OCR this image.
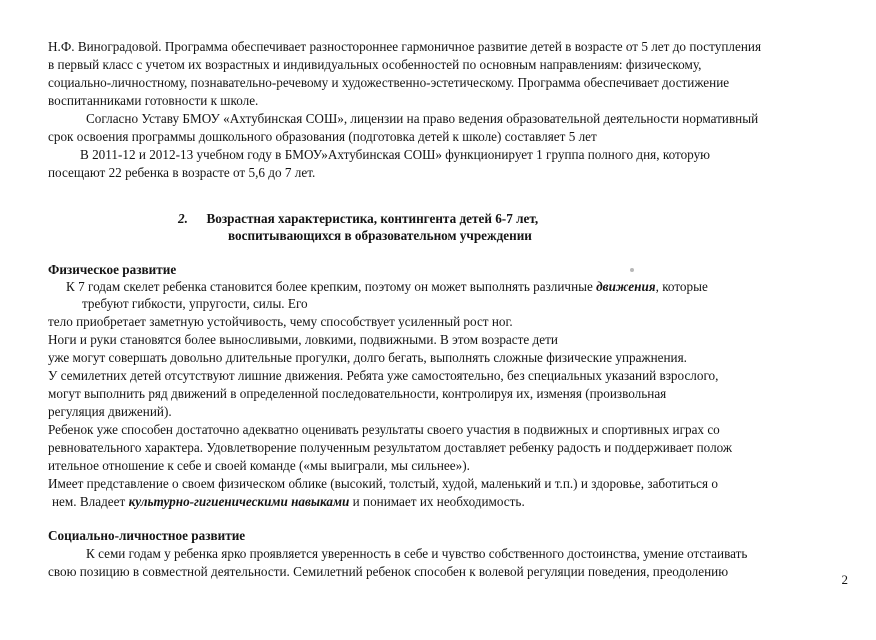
Н.Ф. Виноградовой. Программа обеспечивает разностороннее гармоничное развитие детей в возрасте от 5 лет до поступления
в первый класс с учетом их возрастных и индивидуальных особенностей по основным направлениям: физическому,
социально-личностному, познавательно-речевому и художественно-эстетическому. Программа обеспечивает достижение
воспитанниками готовности к школе.
Согласно Уставу БМОУ «Ахтубинская СОШ», лицензии на право ведения образовательной деятельности нормативный
срок освоения программы дошкольного образования (подготовка детей к школе) составляет 5 лет
В 2011-12 и 2012-13 учебном году в БМОУ»Ахтубинская СОШ» функционирует 1 группа полного дня, которую
посещают 22 ребенка в возрасте от 5,6 до 7 лет.
2. Возрастная характеристика, контингента детей 6-7 лет,
воспитывающихся в образовательном учреждении
Физическое развитие
К 7 годам скелет ребенка становится более крепким, поэтому он может выполнять различные движения, которые
требуют гибкости, упругости, силы. Его
тело приобретает заметную устойчивость, чему способствует усиленный рост ног.
Ноги и руки становятся более выносливыми, ловкими, подвижными. В этом возрасте дети
уже могут совершать довольно длительные прогулки, долго бегать, выполнять сложные физические упражнения.
У семилетних детей отсутствуют лишние движения. Ребята уже самостоятельно, без специальных указаний взрослого,
могут выполнить ряд движений в определенной последовательности, контролируя их, изменяя (произвольная
регуляция движений).
Ребенок уже способен достаточно адекватно оценивать результаты своего участия в подвижных и спортивных играх со
ревновательного характера. Удовлетворение полученным результатом доставляет ребенку радость и поддерживает полож
ительное отношение к себе и своей команде («мы выиграли, мы сильнее»).
Имеет представление о своем физическом облике (высокий, толстый, худой, маленький и т.п.) и здоровье, заботиться о
нем. Владеет культурно-гигиеническими навыками и понимает их необходимость.
Социально-личностное развитие
К семи годам у ребенка ярко проявляется уверенность в себе и чувство собственного достоинства, умение отстаивать
свою позицию в совместной деятельности. Семилетний ребенок способен к волевой регуляции поведения, преодолению
2
